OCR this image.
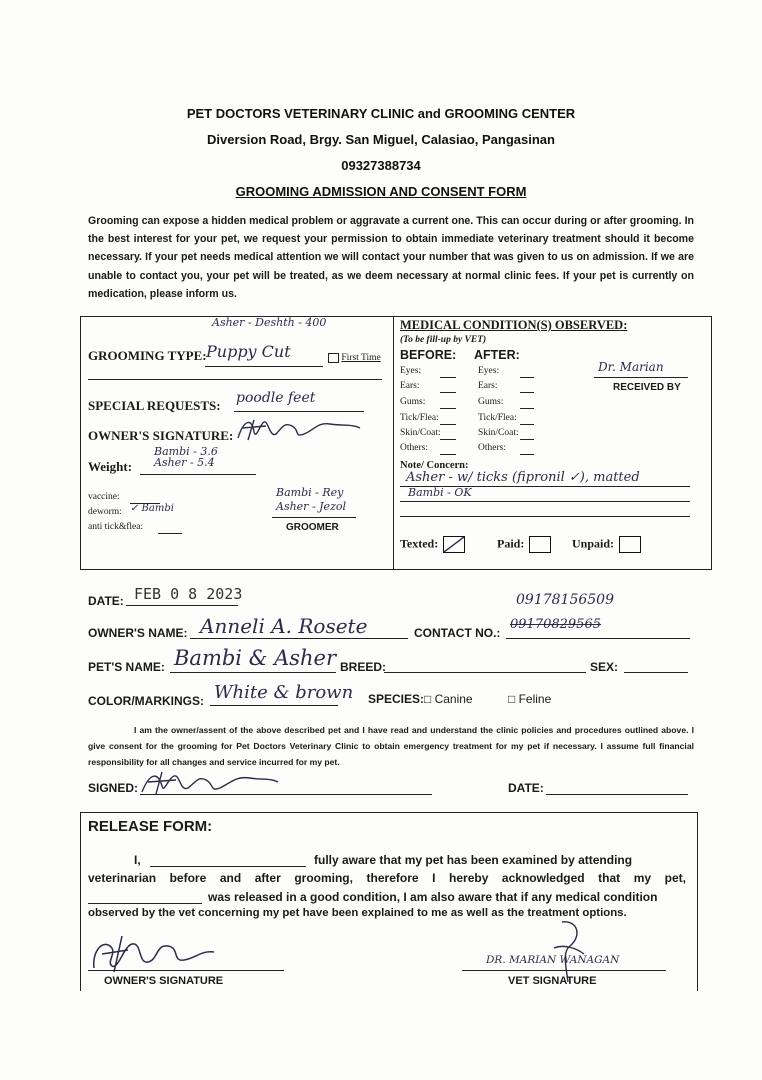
PET DOCTORS VETERINARY CLINIC and GROOMING CENTER
Diversion Road, Brgy. San Miguel, Calasiao, Pangasinan
09327388734
GROOMING ADMISSION AND CONSENT FORM
Grooming can expose a hidden medical problem or aggravate a current one. This can occur during or after grooming. In the best interest for your pet, we request your permission to obtain immediate veterinary treatment should it become necessary. If your pet needs medical attention we will contact your number that was given to us on admission. If we are unable to contact you, your pet will be treated, as we deem necessary at normal clinic fees. If your pet is currently on medication, please inform us.
Asher - Deshth - 400
GROOMING TYPE: Puppy Cut	First Time
SPECIAL REQUESTS: poodle feet
OWNER'S SIGNATURE:
Bambi - 3.6
Weight: Asher - 5.4
vaccine:
deworm: ✓ Bambi
anti tick&flea:
Bambi - Rey
Asher - Jezol
GROOMER
MEDICAL CONDITION(S) OBSERVED:
(To be fill-up by VET)
BEFORE: AFTER:
Eyes:	Eyes:
Ears:	Ears:
Gums:	Gums:
Tick/Flea:	Tick/Flea:
Skin/Coat:	Skin/Coat:
Others:	Others:
Dr. Marian
RECEIVED BY
Note/ Concern:
Asher - w/ ticks (fipronil ✓), matted
Bambi - OK
Texted:	Paid:	Unpaid:
DATE: FEB 0 8 2023	09178156509
OWNER'S NAME: Anneli A. Rosete	CONTACT NO.:
09170829565
PET'S NAME: Bambi & Asher BREED:	SEX:
COLOR/MARKINGS: White & brown SPECIES: □ Canine	□ Feline
I am the owner/assent of the above described pet and I have read and understand the clinic policies and procedures outlined above. I give consent for the grooming for Pet Doctors Veterinary Clinic to obtain emergency treatment for my pet if necessary. I assume full financial responsibility for all changes and service incurred for my pet.
SIGNED:	DATE:
RELEASE FORM:
I,	fully aware that my pet has been examined by attending
veterinarian before and after grooming, therefore I hereby acknowledged that my pet,
was released in a good condition, I am also aware that if any medical condition
observed by the vet concerning my pet have been explained to me as well as the treatment options.
OWNER'S SIGNATURE
DR. MARIAN WANAGAN
VET SIGNATURE
